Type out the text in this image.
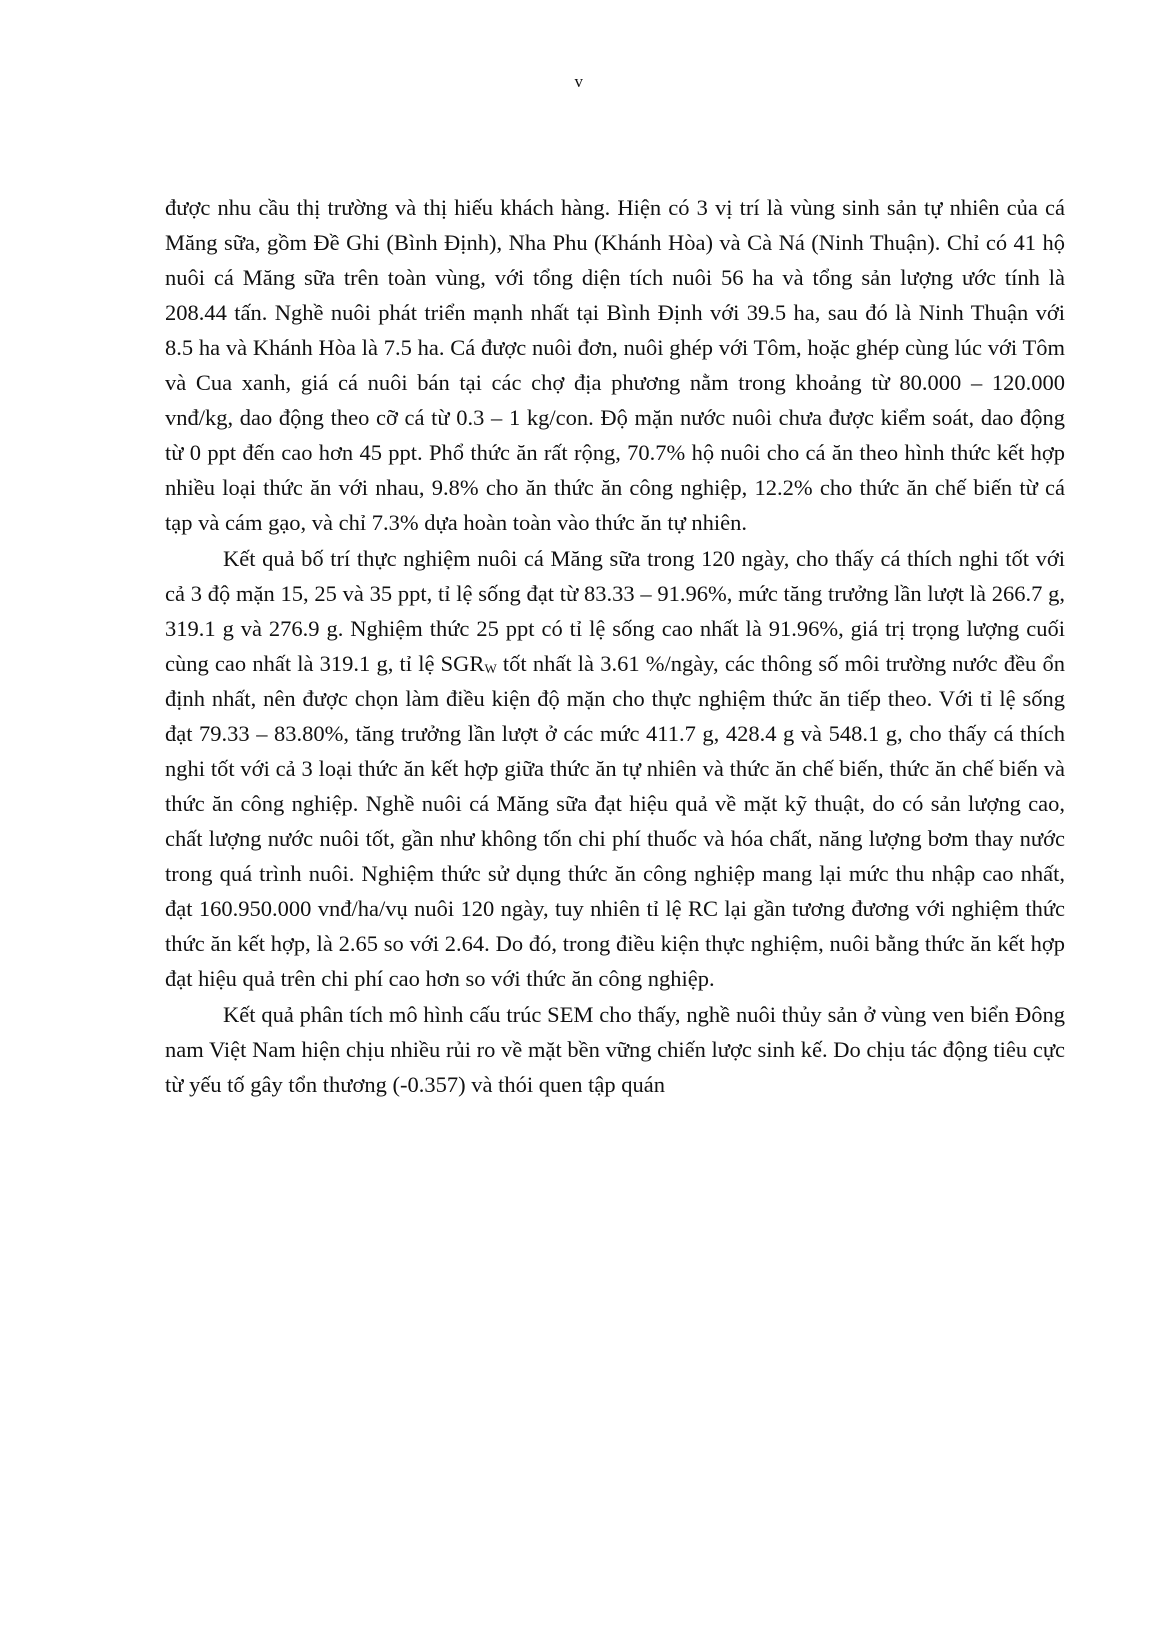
v

được nhu cầu thị trường và thị hiếu khách hàng. Hiện có 3 vị trí là vùng sinh sản tự nhiên của cá Măng sữa, gồm Đề Ghi (Bình Định), Nha Phu (Khánh Hòa) và Cà Ná (Ninh Thuận). Chỉ có 41 hộ nuôi cá Măng sữa trên toàn vùng, với tổng diện tích nuôi 56 ha và tổng sản lượng ước tính là 208.44 tấn. Nghề nuôi phát triển mạnh nhất tại Bình Định với 39.5 ha, sau đó là Ninh Thuận với 8.5 ha và Khánh Hòa là 7.5 ha. Cá được nuôi đơn, nuôi ghép với Tôm, hoặc ghép cùng lúc với Tôm và Cua xanh, giá cá nuôi bán tại các chợ địa phương nằm trong khoảng từ 80.000 – 120.000 vnđ/kg, dao động theo cỡ cá từ 0.3 – 1 kg/con. Độ mặn nước nuôi chưa được kiểm soát, dao động từ 0 ppt đến cao hơn 45 ppt. Phổ thức ăn rất rộng, 70.7% hộ nuôi cho cá ăn theo hình thức kết hợp nhiều loại thức ăn với nhau, 9.8% cho ăn thức ăn công nghiệp, 12.2% cho thức ăn chế biến từ cá tạp và cám gạo, và chỉ 7.3% dựa hoàn toàn vào thức ăn tự nhiên.

Kết quả bố trí thực nghiệm nuôi cá Măng sữa trong 120 ngày, cho thấy cá thích nghi tốt với cả 3 độ mặn 15, 25 và 35 ppt, tỉ lệ sống đạt từ 83.33 – 91.96%, mức tăng trưởng lần lượt là 266.7 g, 319.1 g và 276.9 g. Nghiệm thức 25 ppt có tỉ lệ sống cao nhất là 91.96%, giá trị trọng lượng cuối cùng cao nhất là 319.1 g, tỉ lệ $SGR_W$ tốt nhất là 3.61 %/ngày, các thông số môi trường nước đều ổn định nhất, nên được chọn làm điều kiện độ mặn cho thực nghiệm thức ăn tiếp theo. Với tỉ lệ sống đạt 79.33 – 83.80%, tăng trưởng lần lượt ở các mức 411.7 g, 428.4 g và 548.1 g, cho thấy cá thích nghi tốt với cả 3 loại thức ăn kết hợp giữa thức ăn tự nhiên và thức ăn chế biến, thức ăn chế biến và thức ăn công nghiệp. Nghề nuôi cá Măng sữa đạt hiệu quả về mặt kỹ thuật, do có sản lượng cao, chất lượng nước nuôi tốt, gần như không tốn chi phí thuốc và hóa chất, năng lượng bơm thay nước trong quá trình nuôi. Nghiệm thức sử dụng thức ăn công nghiệp mang lại mức thu nhập cao nhất, đạt 160.950.000 vnđ/ha/vụ nuôi 120 ngày, tuy nhiên tỉ lệ RC lại gần tương đương với nghiệm thức thức ăn kết hợp, là 2.65 so với 2.64. Do đó, trong điều kiện thực nghiệm, nuôi bằng thức ăn kết hợp đạt hiệu quả trên chi phí cao hơn so với thức ăn công nghiệp.

Kết quả phân tích mô hình cấu trúc SEM cho thấy, nghề nuôi thủy sản ở vùng ven biển Đông nam Việt Nam hiện chịu nhiều rủi ro về mặt bền vững chiến lược sinh kế. Do chịu tác động tiêu cực từ yếu tố gây tổn thương (-0.357) và thói quen tập quán
